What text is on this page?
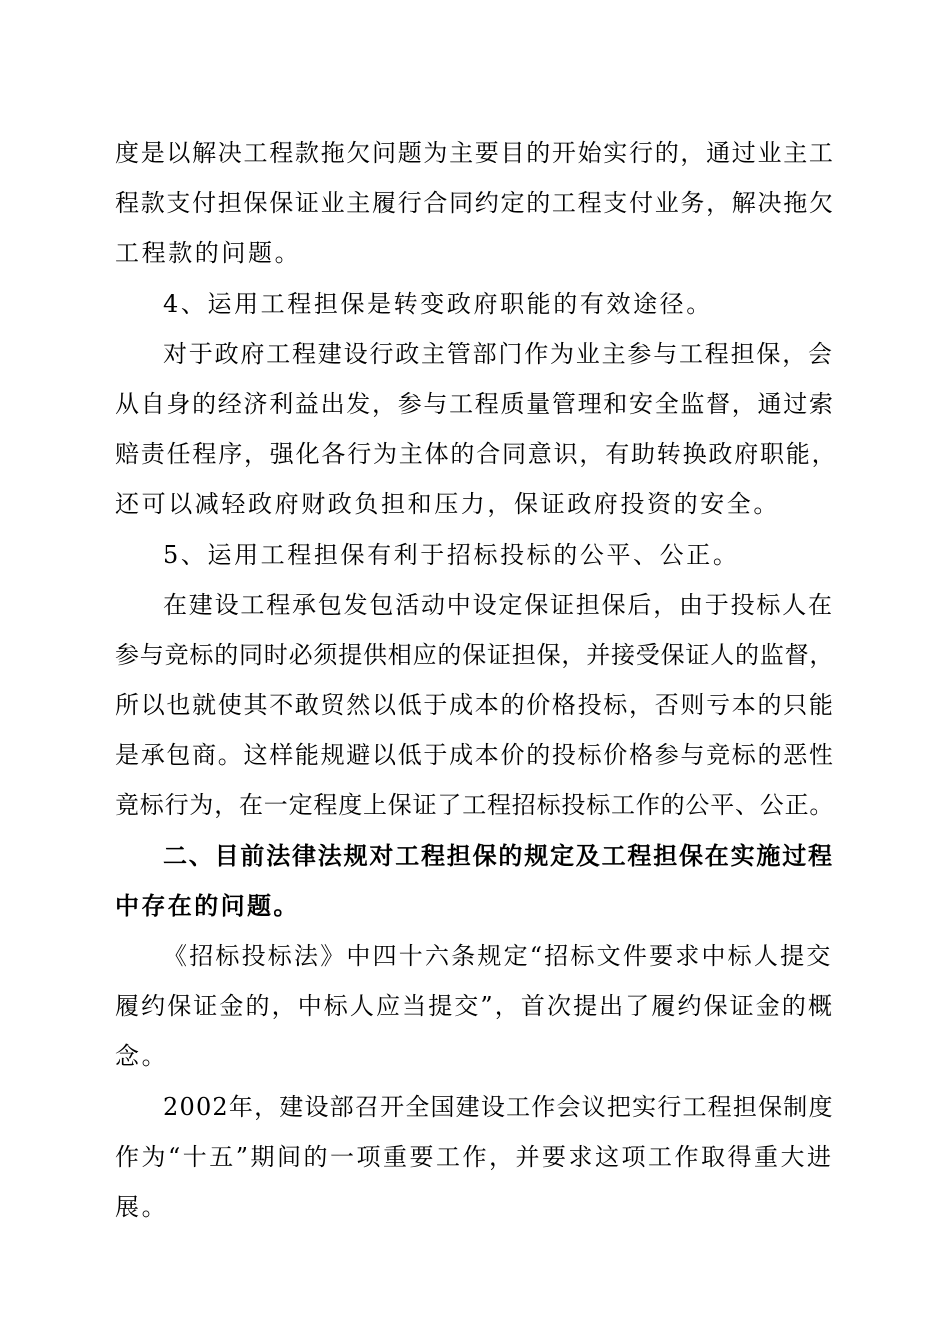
度是以解决工程款拖欠问题为主要目的开始实行的，通过业主工
程款支付担保保证业主履行合同约定的工程支付业务，解决拖欠
工程款的问题。
4、运用工程担保是转变政府职能的有效途径。
对于政府工程建设行政主管部门作为业主参与工程担保，会
从自身的经济利益出发，参与工程质量管理和安全监督，通过索
赔责任程序，强化各行为主体的合同意识，有助转换政府职能，
还可以减轻政府财政负担和压力，保证政府投资的安全。
5、运用工程担保有利于招标投标的公平、公正。
在建设工程承包发包活动中设定保证担保后，由于投标人在
参与竞标的同时必须提供相应的保证担保，并接受保证人的监督，
所以也就使其不敢贸然以低于成本的价格投标，否则亏本的只能
是承包商。这样能规避以低于成本价的投标价格参与竞标的恶性
竟标行为，在一定程度上保证了工程招标投标工作的公平、公正。
二、目前法律法规对工程担保的规定及工程担保在实施过程
中存在的问题。
《招标投标法》中四十六条规定“招标文件要求中标人提交
履约保证金的，中标人应当提交”，首次提出了履约保证金的概
念。
2002年，建设部召开全国建设工作会议把实行工程担保制度
作为“十五”期间的一项重要工作，并要求这项工作取得重大进
展。
